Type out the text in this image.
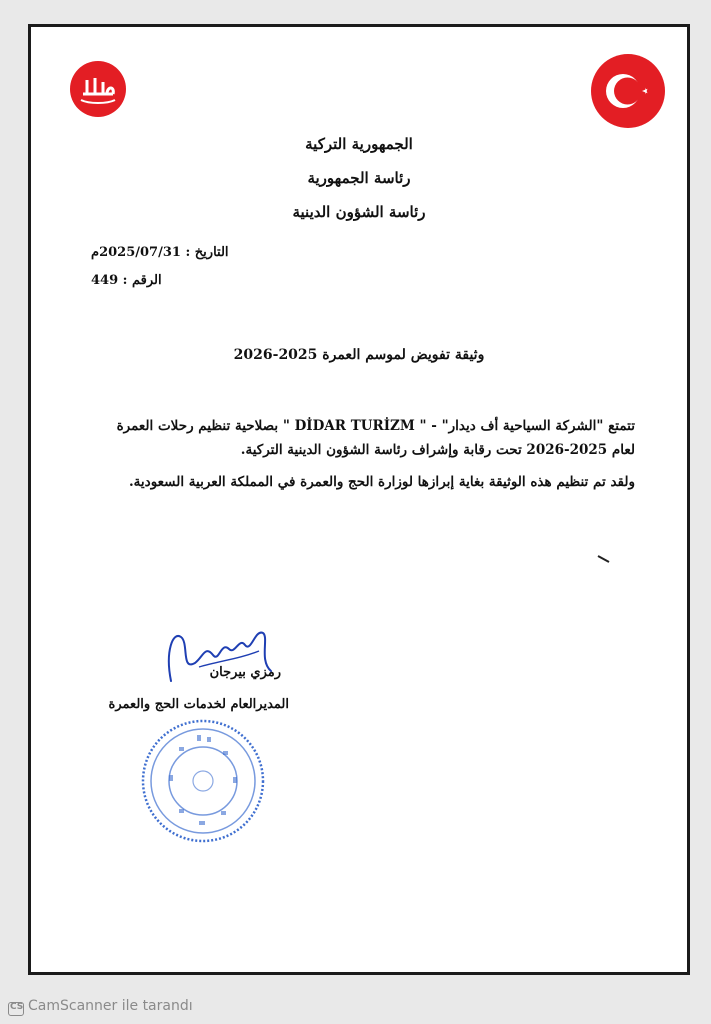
الجمهورية التركية
رئاسة الجمهورية
رئاسة الشؤون الدينية
التاريخ : 2025/07/31م
الرقم : 449
وثيقة تفويض لموسم العمرة 2025-2026
تتمتع "الشركة السياحية أف ديدار" - " DİDAR TURİZM " بصلاحية تنظيم رحلات العمرة لعام 2025-2026 تحت رقابة وإشراف رئاسة الشؤون الدينية التركية.
ولقد تم تنظيم هذه الوثيقة بغاية إبرازها لوزارة الحج والعمرة في المملكة العربية السعودية.
رمزي بيرجان
المديرالعام لخدمات الحج والعمرة
CS CamScanner ile tarandı
